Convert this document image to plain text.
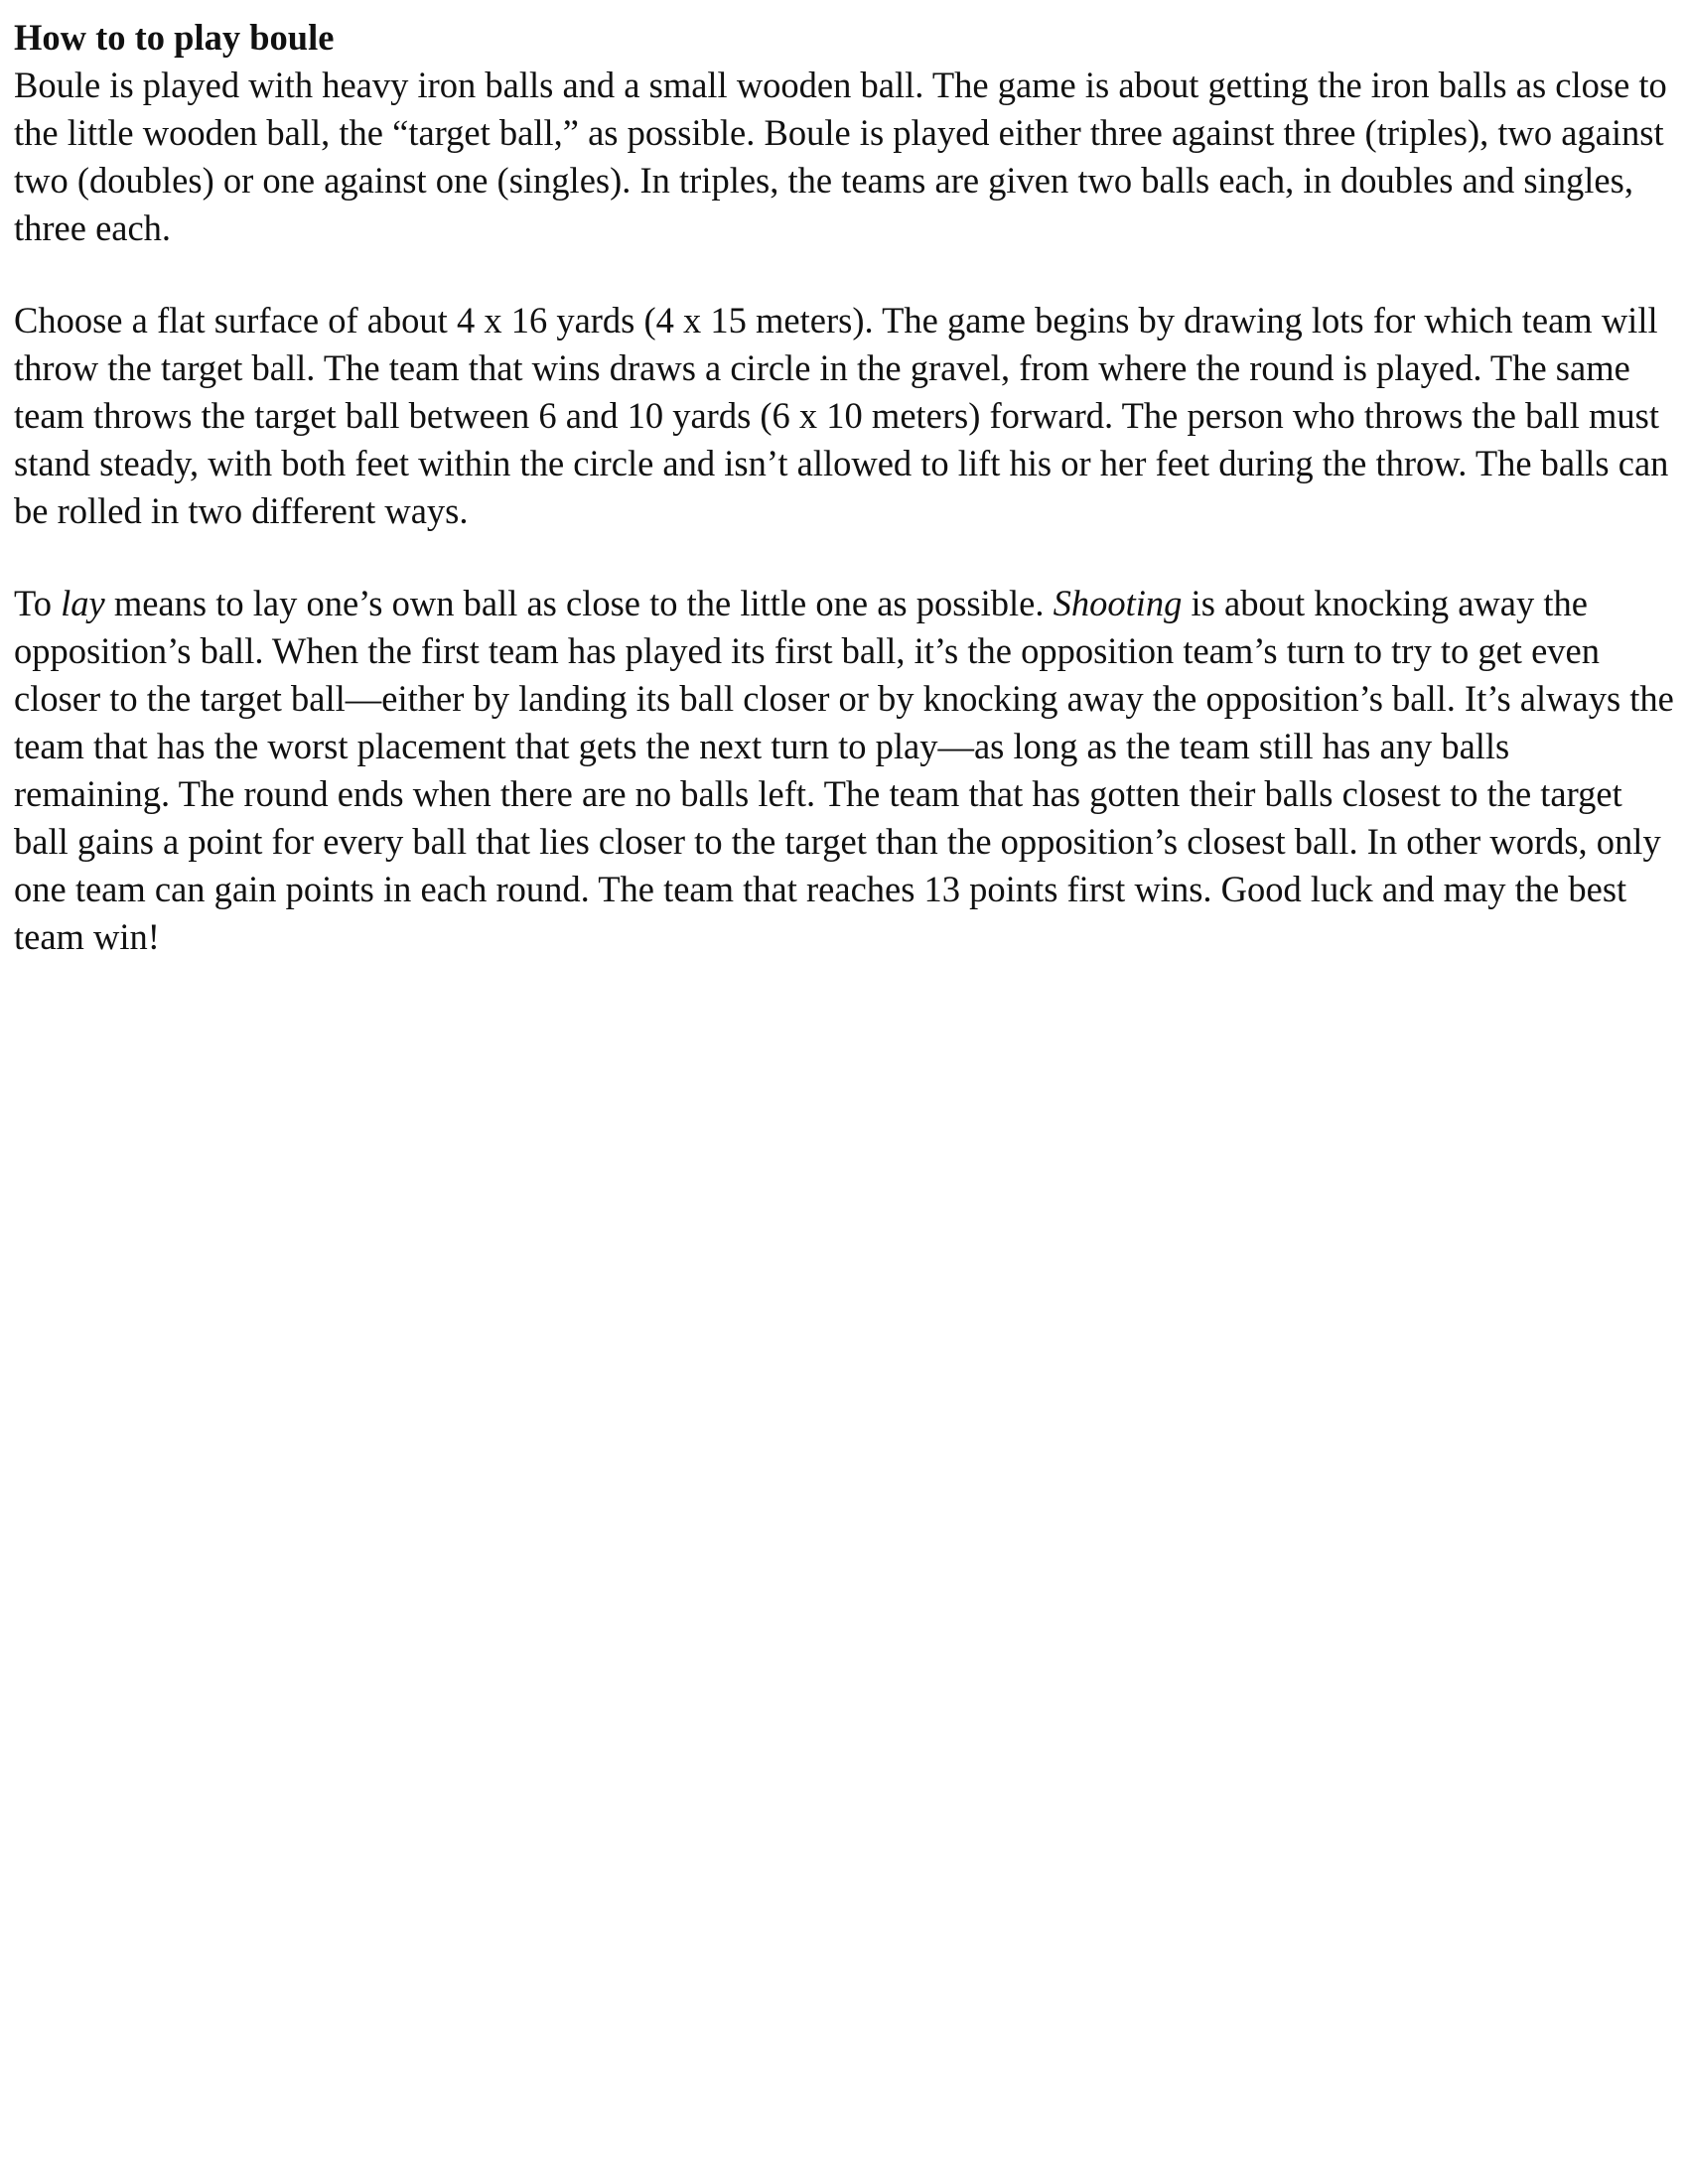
How to to play boule

Boule is played with heavy iron balls and a small wooden ball. The game is about getting the iron balls as close to the little wooden ball, the “target ball,” as possible. Boule is played either three against three (triples), two against two (doubles) or one against one (singles). In triples, the teams are given two balls each, in doubles and singles, three each.

Choose a flat surface of about 4 x 16 yards (4 x 15 meters). The game begins by drawing lots for which team will throw the target ball. The team that wins draws a circle in the gravel, from where the round is played. The same team throws the target ball between 6 and 10 yards (6 x 10 meters) forward. The person who throws the ball must stand steady, with both feet within the circle and isn’t allowed to lift his or her feet during the throw. The balls can be rolled in two different ways.

To lay means to lay one’s own ball as close to the little one as possible. Shooting is about knocking away the opposition’s ball. When the first team has played its first ball, it’s the opposition team’s turn to try to get even closer to the target ball—either by landing its ball closer or by knocking away the opposition’s ball. It’s always the team that has the worst placement that gets the next turn to play—as long as the team still has any balls remaining. The round ends when there are no balls left. The team that has gotten their balls closest to the target ball gains a point for every ball that lies closer to the target than the opposition’s closest ball. In other words, only one team can gain points in each round. The team that reaches 13 points first wins. Good luck and may the best team win!
